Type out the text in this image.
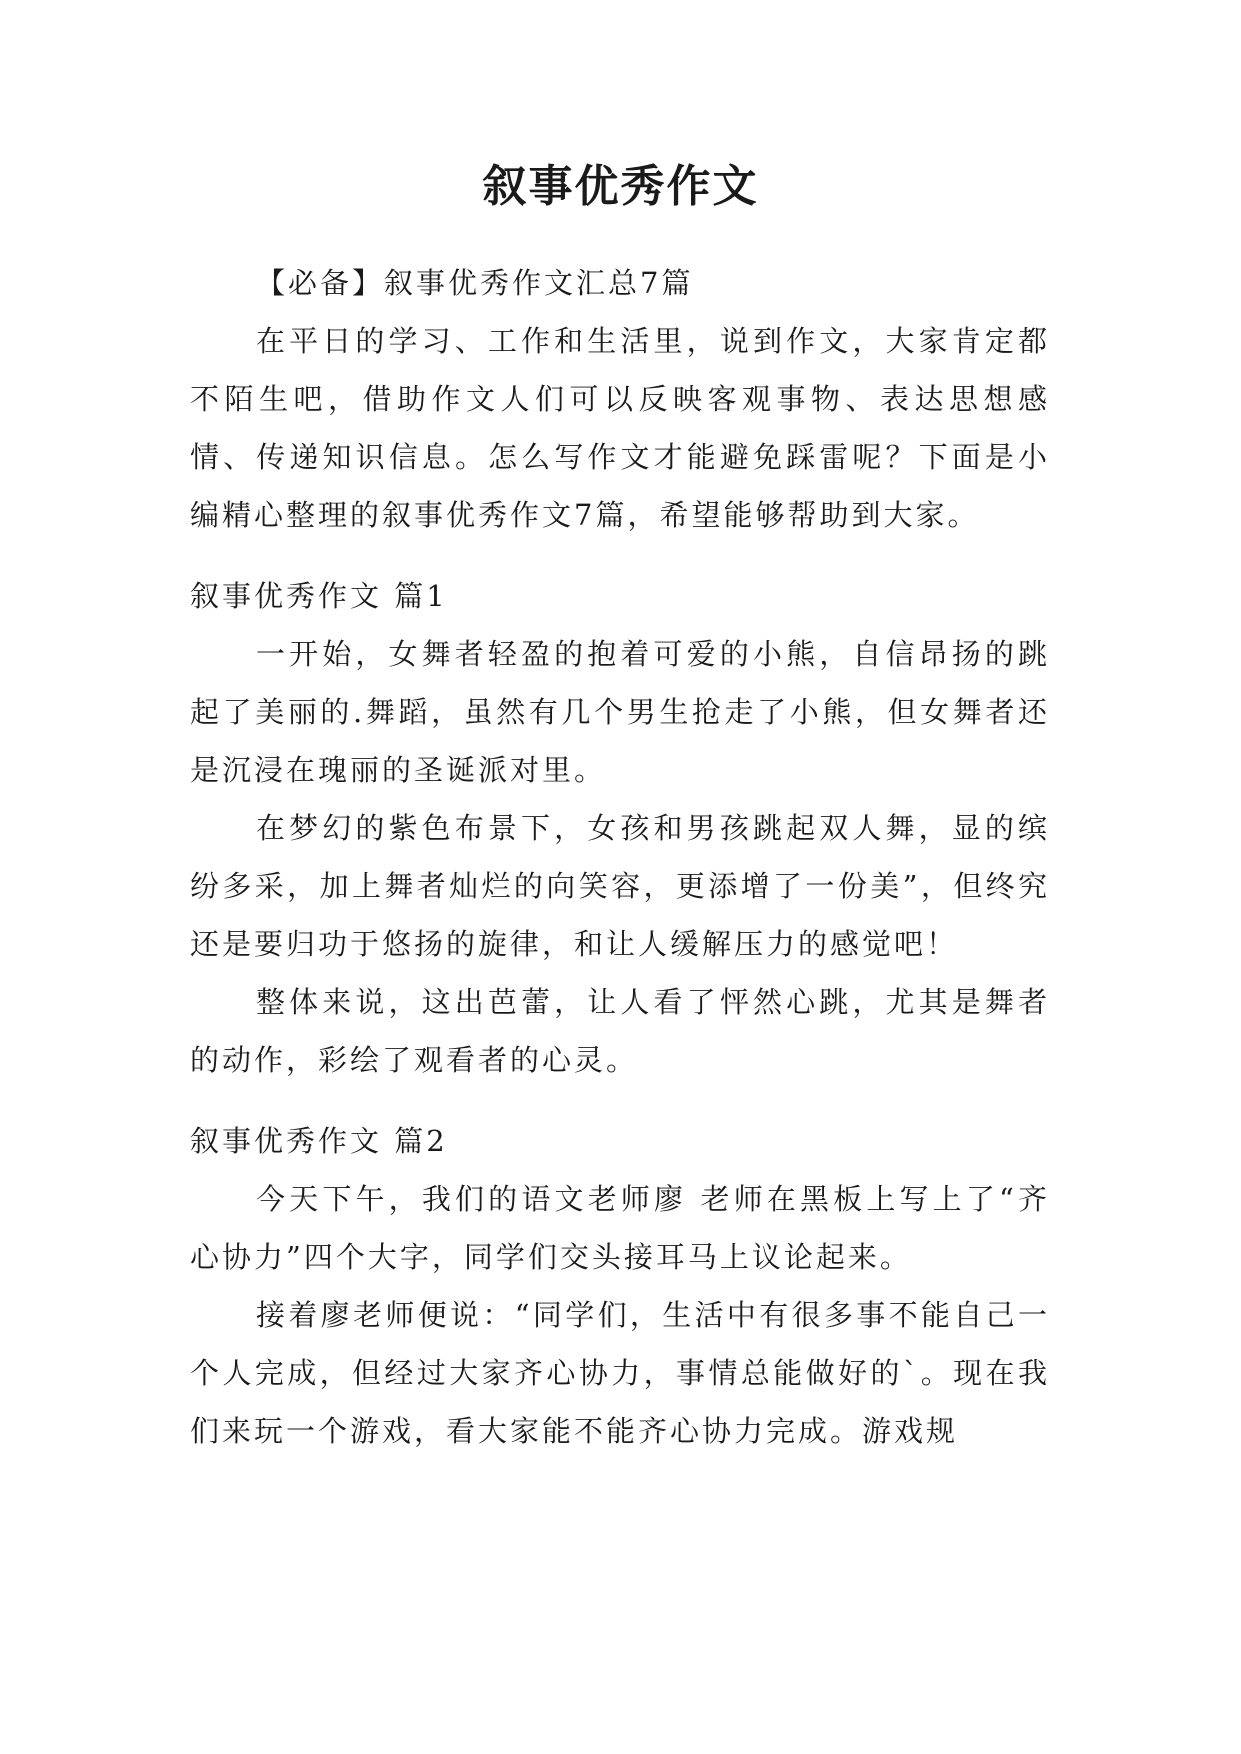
叙事优秀作文

【必备】叙事优秀作文汇总7篇

在平日的学习、工作和生活里，说到作文，大家肯定都不陌生吧，借助作文人们可以反映客观事物、表达思想感情、传递知识信息。怎么写作文才能避免踩雷呢？下面是小编精心整理的叙事优秀作文7篇，希望能够帮助到大家。

叙事优秀作文 篇1

一开始，女舞者轻盈的抱着可爱的小熊，自信昂扬的跳起了美丽的.舞蹈，虽然有几个男生抢走了小熊，但女舞者还是沉浸在瑰丽的圣诞派对里。

在梦幻的紫色布景下，女孩和男孩跳起双人舞，显的缤纷多采，加上舞者灿烂的向笑容，更添增了一份美”，但终究还是要归功于悠扬的旋律，和让人缓解压力的感觉吧！

整体来说，这出芭蕾，让人看了怦然心跳，尤其是舞者的动作，彩绘了观看者的心灵。

叙事优秀作文 篇2

今天下午，我们的语文老师廖 老师在黑板上写上了“齐心协力”四个大字，同学们交头接耳马上议论起来。

接着廖老师便说：“同学们，生活中有很多事不能自己一个人完成，但经过大家齐心协力，事情总能做好的`。现在我们来玩一个游戏，看大家能不能齐心协力完成。游戏规
